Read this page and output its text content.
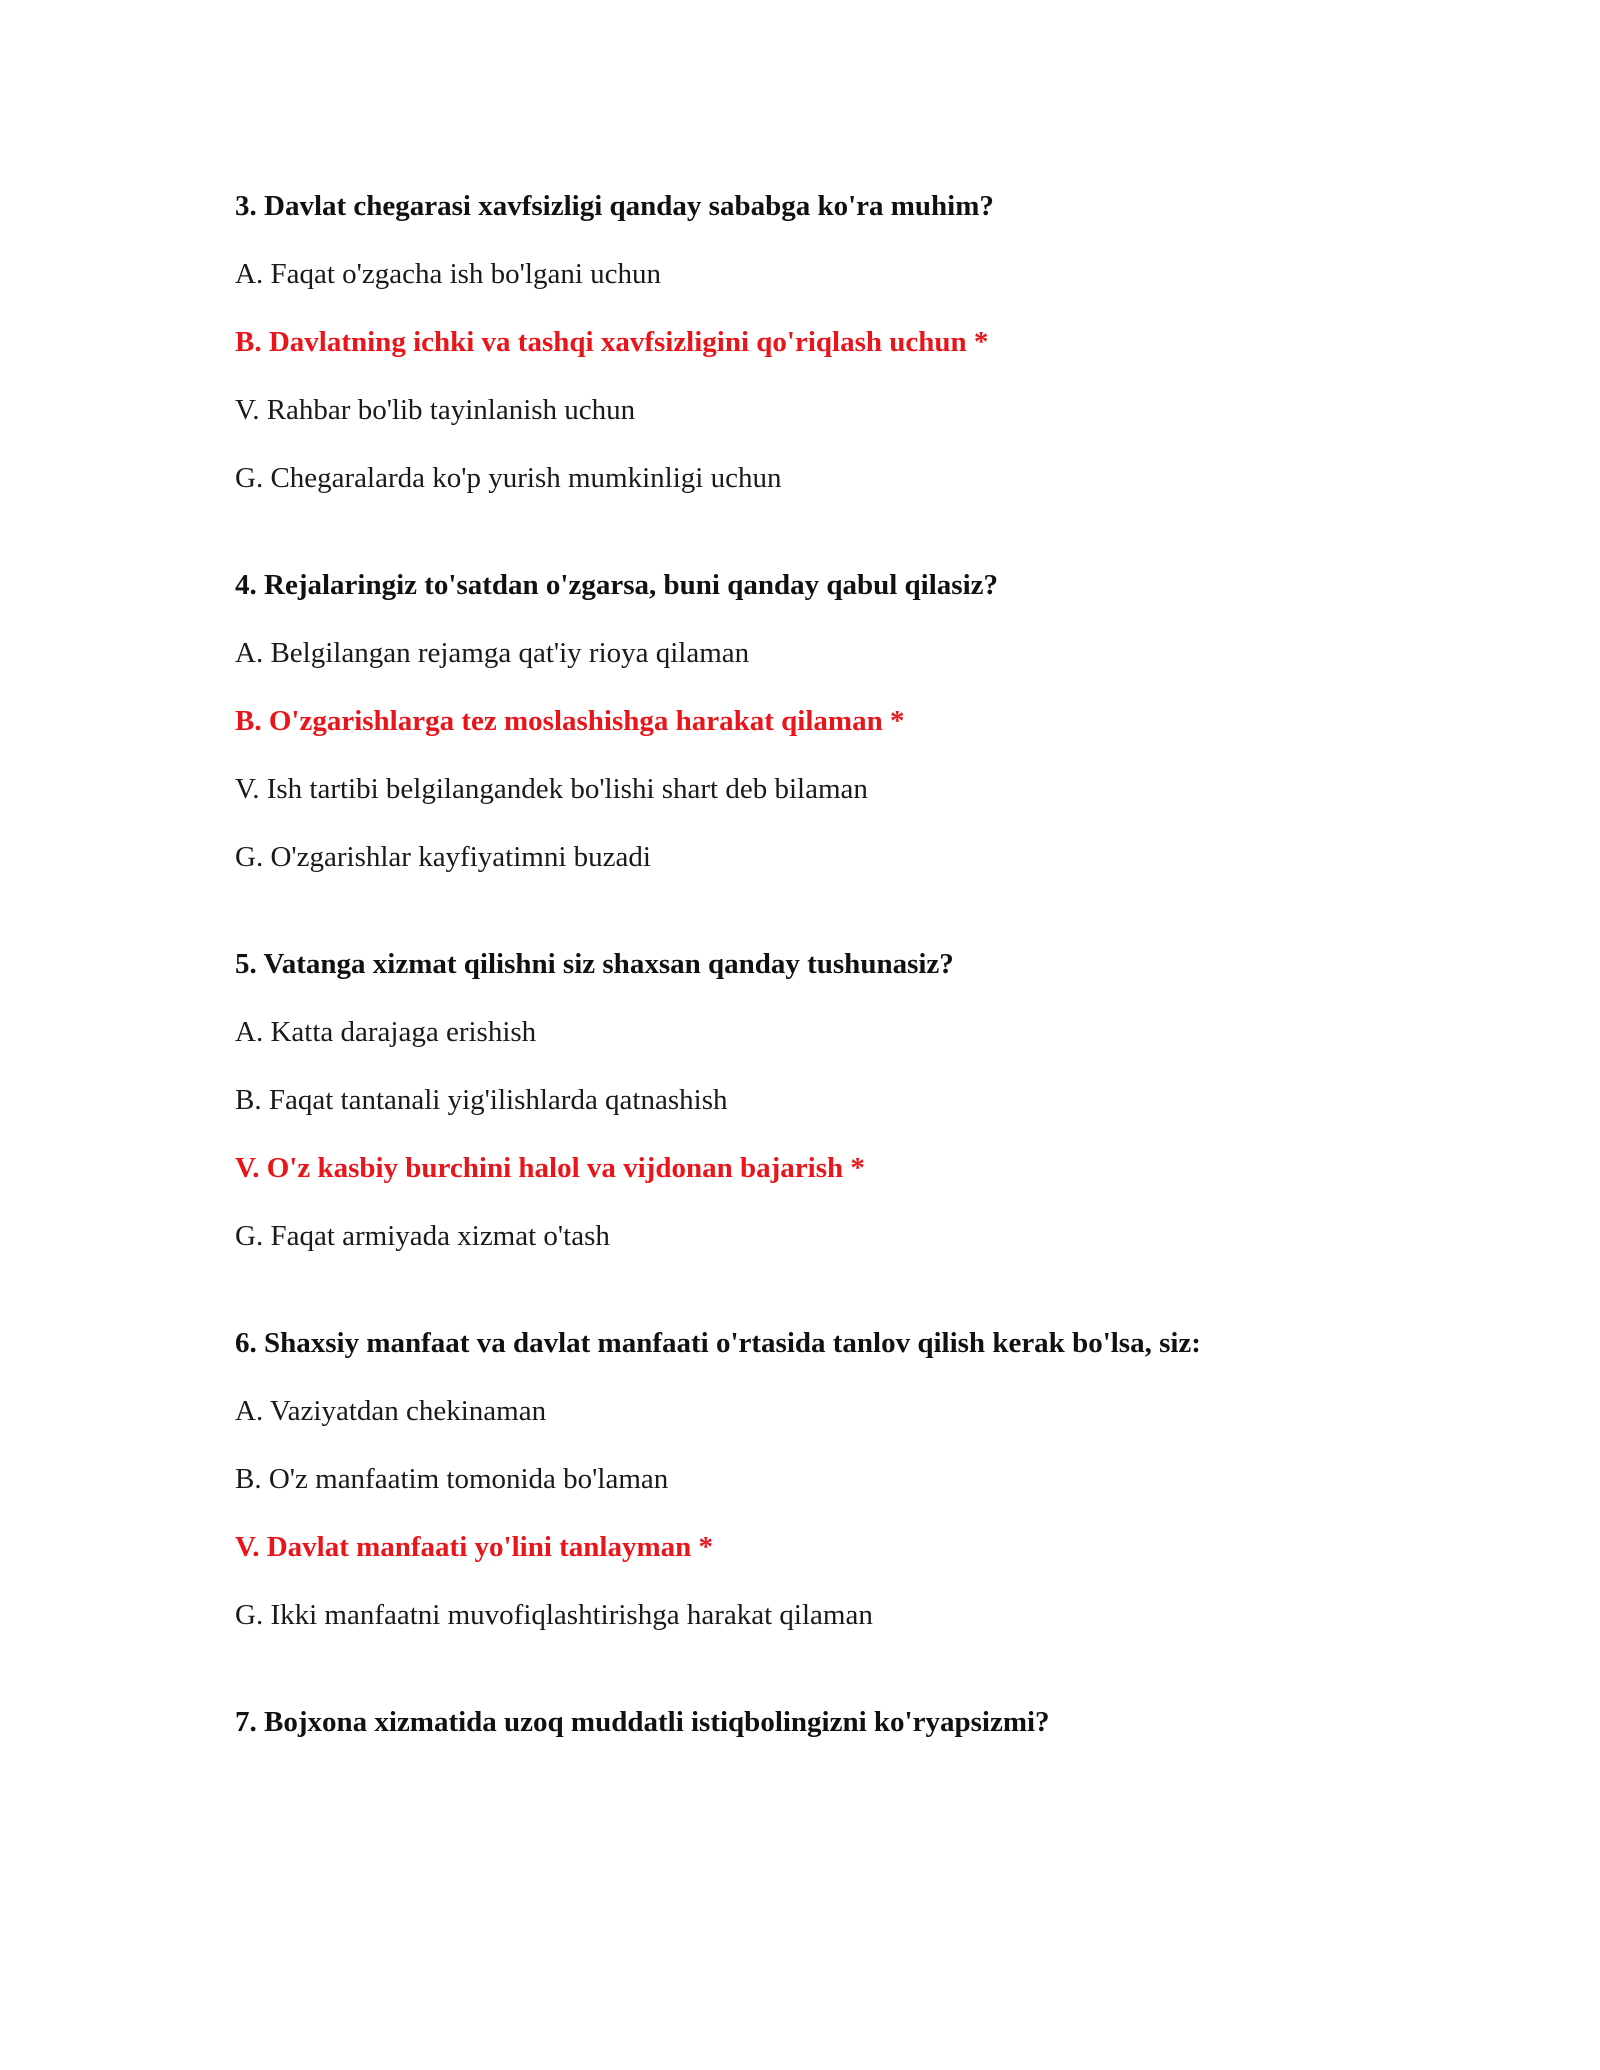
3. Davlat chegarasi xavfsizligi qanday sababga ko'ra muhim?
A. Faqat o'zgacha ish bo'lgani uchun
B. Davlatning ichki va tashqi xavfsizligini qo'riqlash uchun *
V. Rahbar bo'lib tayinlanish uchun
G. Chegaralarda ko'p yurish mumkinligi uchun
4. Rejalaringiz to'satdan o'zgarsa, buni qanday qabul qilasiz?
A. Belgilangan rejamga qat'iy rioya qilaman
B. O'zgarishlarga tez moslashishga harakat qilaman *
V. Ish tartibi belgilangandek bo'lishi shart deb bilaman
G. O'zgarishlar kayfiyatimni buzadi
5. Vatanga xizmat qilishni siz shaxsan qanday tushunasiz?
A. Katta darajaga erishish
B. Faqat tantanali yig'ilishlarda qatnashish
V. O'z kasbiy burchini halol va vijdonan bajarish *
G. Faqat armiyada xizmat o'tash
6. Shaxsiy manfaat va davlat manfaati o'rtasida tanlov qilish kerak bo'lsa, siz:
A. Vaziyatdan chekinaman
B. O'z manfaatim tomonida bo'laman
V. Davlat manfaati yo'lini tanlayman *
G. Ikki manfaatni muvofiqlashtirishga harakat qilaman
7. Bojxona xizmatida uzoq muddatli istiqbolingizni ko'ryapsizmi?
